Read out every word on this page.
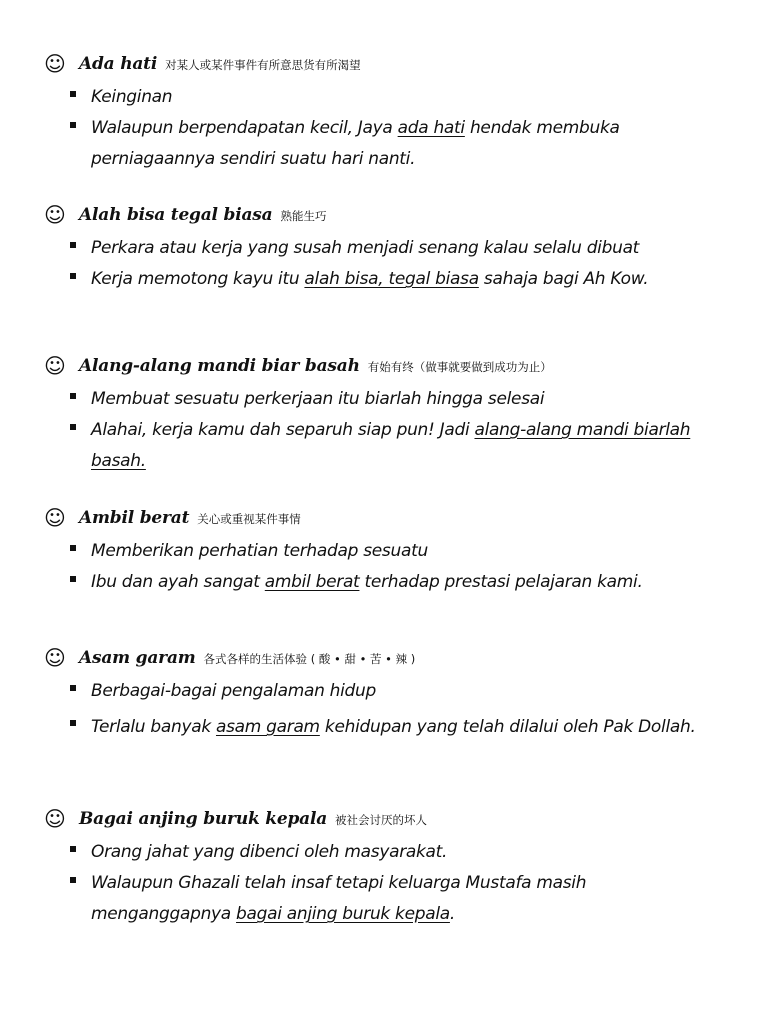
☺ Ada hati 对某人或某件事件有所意思货有所渴望
Keinginan
Walaupun berpendapatan kecil, Jaya ada hati hendak membuka perniagaannya sendiri suatu hari nanti.
☺ Alah bisa tegal biasa 熟能生巧
Perkara atau kerja yang susah menjadi senang kalau selalu dibuat
Kerja memotong kayu itu alah bisa, tegal biasa sahaja bagi Ah Kow.
☺ Alang-alang mandi biar basah 有始有终（做事就要做到成功为止）
Membuat sesuatu perkerjaan itu biarlah hingga selesai
Alahai, kerja kamu dah separuh siap pun! Jadi alang-alang mandi biarlah basah.
☺ Ambil berat 关心或重视某件事情
Memberikan perhatian terhadap sesuatu
Ibu dan ayah sangat ambil berat terhadap prestasi pelajaran kami.
☺ Asam garam 各式各样的生活体验 ( 酸 • 甜 • 苦 • 辣 )
Berbagai-bagai pengalaman hidup
Terlalu banyak asam garam kehidupan yang telah dilalui oleh Pak Dollah.
☺ Bagai anjing buruk kepala 被社会讨厌的坏人
Orang jahat yang dibenci oleh masyarakat.
Walaupun Ghazali telah insaf tetapi keluarga Mustafa masih menganggapnya bagai anjing buruk kepala.
